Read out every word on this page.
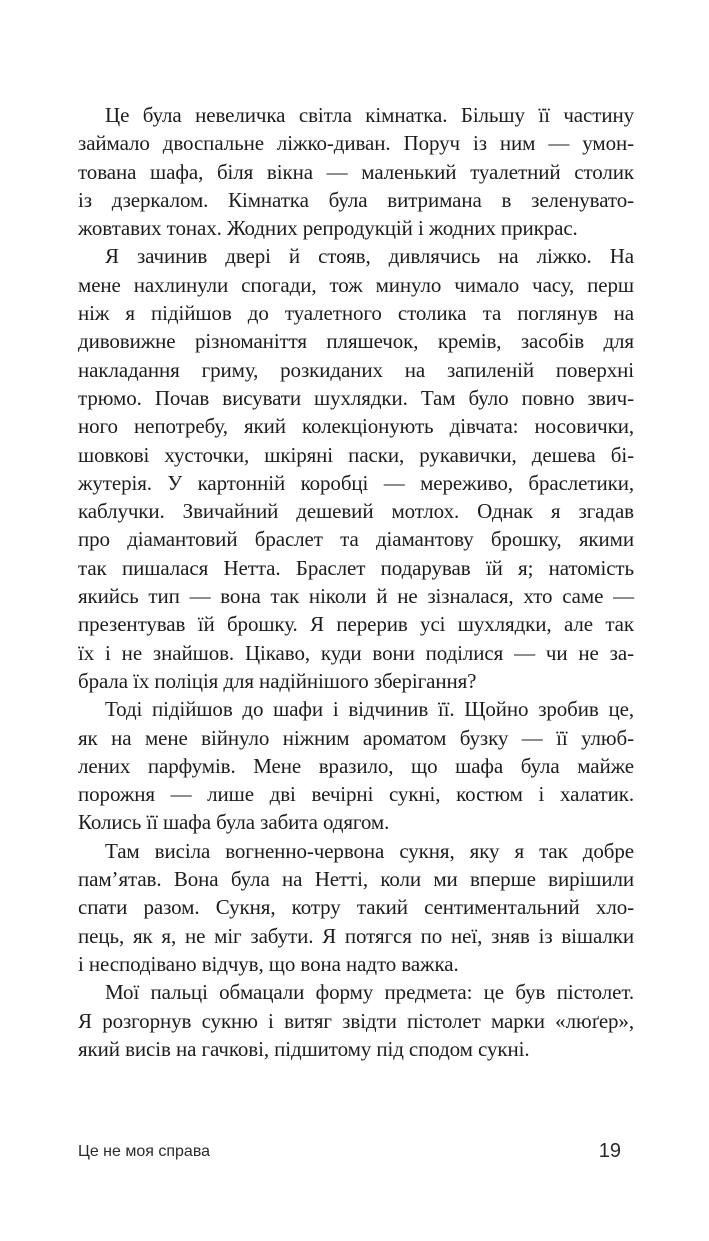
Це була невеличка світла кімнатка. Більшу її частину
займало двоспальне ліжко-диван. Поруч із ним — умон-
тована шафа, біля вікна — маленький туалетний столик
із дзеркалом. Кімнатка була витримана в зеленувато-
жовтавих тонах. Жодних репродукцій і жодних прикрас.
Я зачинив двері й стояв, дивлячись на ліжко. На
мене нахлинули спогади, тож минуло чимало часу, перш
ніж я підійшов до туалетного столика та поглянув на
дивовижне різноманіття пляшечок, кремів, засобів для
накладання гриму, розкиданих на запиленій поверхні
трюмо. Почав висувати шухлядки. Там було повно звич-
ного непотребу, який колекціонують дівчата: носовички,
шовкові хусточки, шкіряні паски, рукавички, дешева бі-
жутерія. У картонній коробці — мереживо, браслетики,
каблучки. Звичайний дешевий мотлох. Однак я згадав
про діамантовий браслет та діамантову брошку, якими
так пишалася Нетта. Браслет подарував їй я; натомість
якийсь тип — вона так ніколи й не зізналася, хто саме —
презентував їй брошку. Я перерив усі шухлядки, але так
їх і не знайшов. Цікаво, куди вони поділися — чи не за-
брала їх поліція для надійнішого зберігання?
Тоді підійшов до шафи і відчинив її. Щойно зробив це,
як на мене війнуло ніжним ароматом бузку — її улюб-
лених парфумів. Мене вразило, що шафа була майже
порожня — лише дві вечірні сукні, костюм і халатик.
Колись її шафа була забита одягом.
Там висіла вогненно-червона сукня, яку я так добре
пам’ятав. Вона була на Нетті, коли ми вперше вирішили
спати разом. Сукня, котру такий сентиментальний хло-
пець, як я, не міг забути. Я потягся по неї, зняв із вішалки
і несподівано відчув, що вона надто важка.
Мої пальці обмацали форму предмета: це був пістолет.
Я розгорнув сукню і витяг звідти пістолет марки «люґер»,
який висів на гачкові, підшитому під сподом сукні.
Це не моя справа	19
